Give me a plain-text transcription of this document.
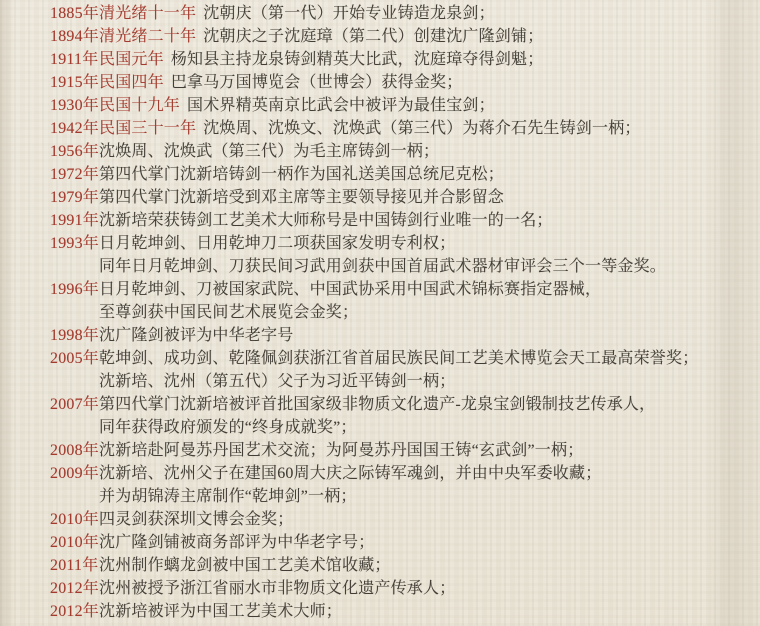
1885年清光绪十一年 沈朝庆（第一代）开始专业铸造龙泉剑；
1894年清光绪二十年 沈朝庆之子沈庭璋（第二代）创建沈广隆剑铺；
1911年民国元年 杨知县主持龙泉铸剑精英大比武，沈庭璋夺得剑魁；
1915年民国四年 巴拿马万国博览会（世博会）获得金奖；
1930年民国十九年 国术界精英南京比武会中被评为最佳宝剑；
1942年民国三十一年 沈焕周、沈焕文、沈焕武（第三代）为蒋介石先生铸剑一柄；
1956年沈焕周、沈焕武（第三代）为毛主席铸剑一柄；
1972年第四代掌门沈新培铸剑一柄作为国礼送美国总统尼克松；
1979年第四代掌门沈新培受到邓主席等主要领导接见并合影留念
1991年沈新培荣获铸剑工艺美术大师称号是中国铸剑行业唯一的一名；
1993年日月乾坤剑、日用乾坤刀二项获国家发明专利权；
同年日月乾坤剑、刀获民间习武用剑获中国首届武术器材审评会三个一等金奖。
1996年日月乾坤剑、刀被国家武院、中国武协采用中国武术锦标赛指定器械，
至尊剑获中国民间艺术展览会金奖；
1998年沈广隆剑被评为中华老字号
2005年乾坤剑、成功剑、乾隆佩剑获浙江省首届民族民间工艺美术博览会天工最高荣誉奖；
沈新培、沈州（第五代）父子为习近平铸剑一柄；
2007年第四代掌门沈新培被评首批国家级非物质文化遗产-龙泉宝剑锻制技艺传承人，
同年获得政府颁发的“终身成就奖”；
2008年沈新培赴阿曼苏丹国艺术交流；为阿曼苏丹国国王铸“玄武剑”一柄；
2009年沈新培、沈州父子在建国60周大庆之际铸军魂剑，并由中央军委收藏；
并为胡锦涛主席制作“乾坤剑”一柄；
2010年四灵剑获深圳文博会金奖；
2010年沈广隆剑铺被商务部评为中华老字号；
2011年沈州制作螭龙剑被中国工艺美术馆收藏；
2012年沈州被授予浙江省丽水市非物质文化遗产传承人；
2012年沈新培被评为中国工艺美术大师；
